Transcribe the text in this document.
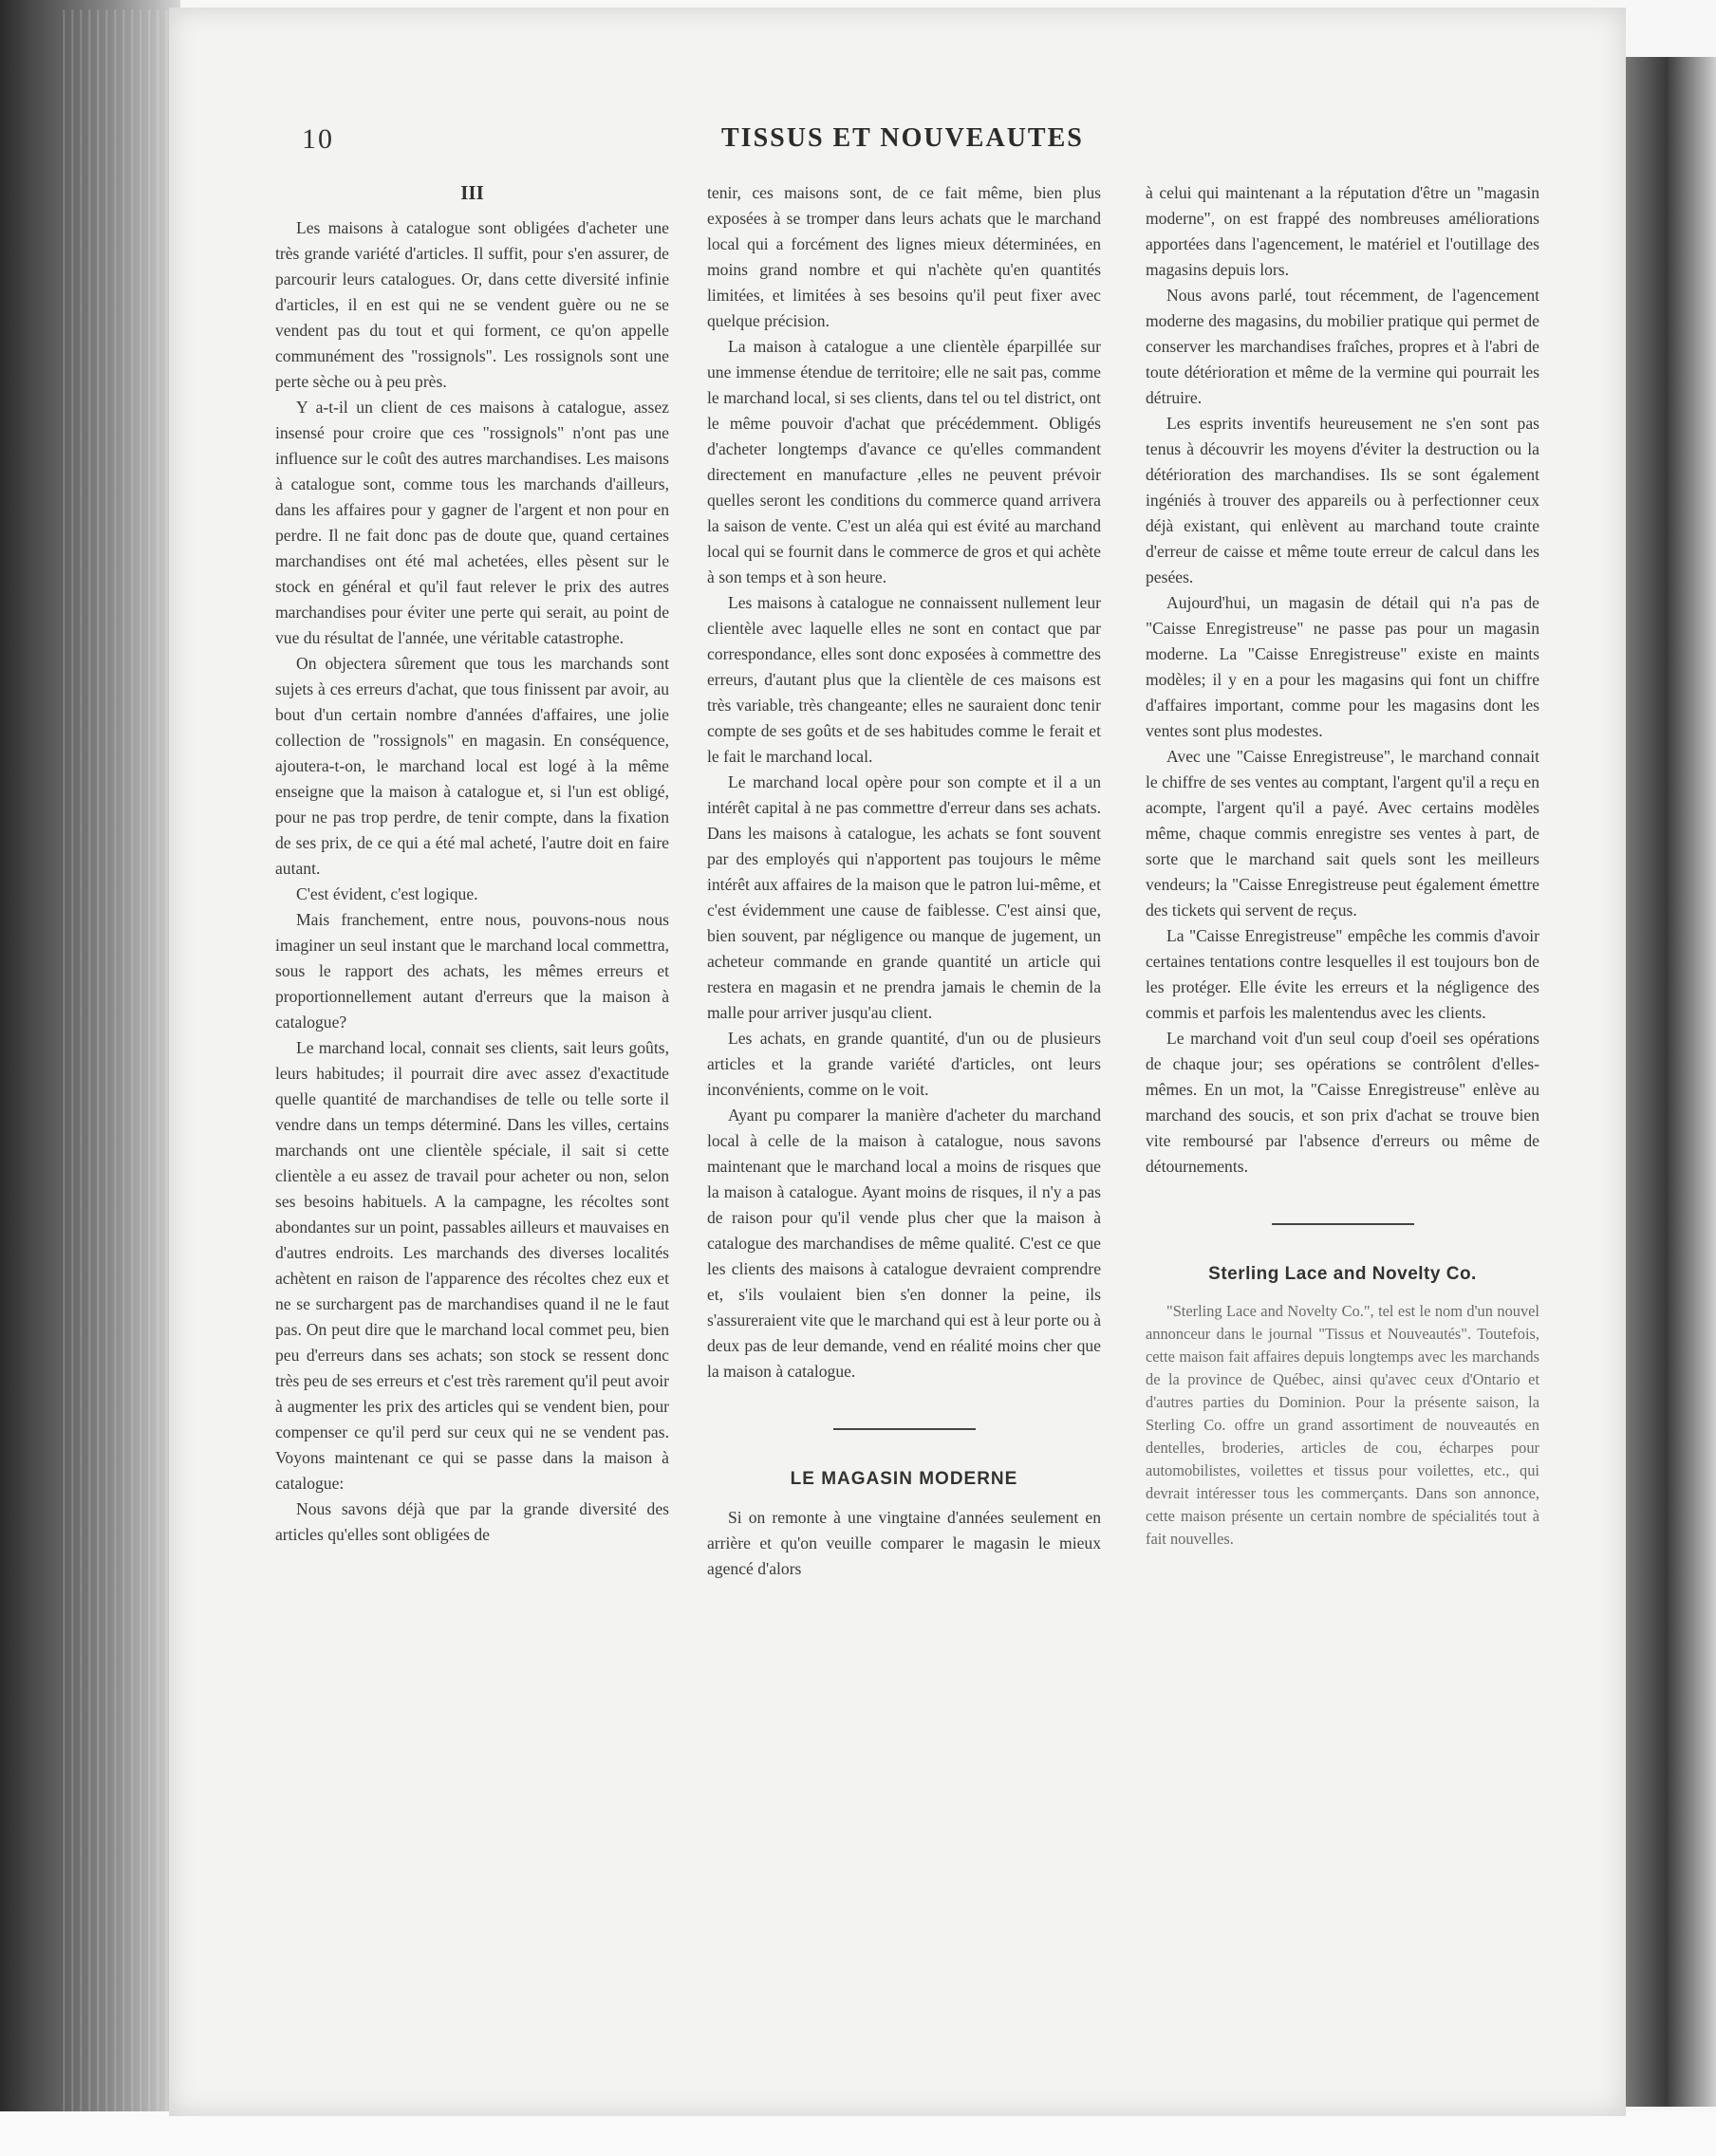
10	TISSUS ET NOUVEAUTES
III

Les maisons à catalogue sont obligées d'acheter une très grande variété d'articles. Il suffit, pour s'en assurer, de parcourir leurs catalogues. Or, dans cette diversité infinie d'articles, il en est qui ne se vendent guère ou ne se vendent pas du tout et qui forment, ce qu'on appelle communément des "rossignols". Les rossignols sont une perte sèche ou à peu près.

Y a-t-il un client de ces maisons à catalogue, assez insensé pour croire que ces "rossignols" n'ont pas une influence sur le coût des autres marchandises. Les maisons à catalogue sont, comme tous les marchands d'ailleurs, dans les affaires pour y gagner de l'argent et non pour en perdre. Il ne fait donc pas de doute que, quand certaines marchandises ont été mal achetées, elles pèsent sur le stock en général et qu'il faut relever le prix des autres marchandises pour éviter une perte qui serait, au point de vue du résultat de l'année, une véritable catastrophe.

On objectera sûrement que tous les marchands sont sujets à ces erreurs d'achat, que tous finissent par avoir, au bout d'un certain nombre d'années d'affaires, une jolie collection de "rossignols" en magasin. En conséquence, ajoutera-t-on, le marchand local est logé à la même enseigne que la maison à catalogue et, si l'un est obligé, pour ne pas trop perdre, de tenir compte, dans la fixation de ses prix, de ce qui a été mal acheté, l'autre doit en faire autant.

C'est évident, c'est logique.

Mais franchement, entre nous, pouvons-nous nous imaginer un seul instant que le marchand local commettra, sous le rapport des achats, les mêmes erreurs et proportionnellement autant d'erreurs que la maison à catalogue?

Le marchand local, connait ses clients, sait leurs goûts, leurs habitudes; il pourrait dire avec assez d'exactitude quelle quantité de marchandises de telle ou telle sorte il vendre dans un temps déterminé. Dans les villes, certains marchands ont une clientèle spéciale, il sait si cette clientèle a eu assez de travail pour acheter ou non, selon ses besoins habituels. A la campagne, les récoltes sont abondantes sur un point, passables ailleurs et mauvaises en d'autres endroits. Les marchands des diverses localités achètent en raison de l'apparence des récoltes chez eux et ne se surchargent pas de marchandises quand il ne le faut pas. On peut dire que le marchand local commet peu, bien peu d'erreurs dans ses achats; son stock se ressent donc très peu de ses erreurs et c'est très rarement qu'il peut avoir à augmenter les prix des articles qui se vendent bien, pour compenser ce qu'il perd sur ceux qui ne se vendent pas. Voyons maintenant ce qui se passe dans la maison à catalogue:

Nous savons déjà que par la grande diversité des articles qu'elles sont obligées de

tenir, ces maisons sont, de ce fait même, bien plus exposées à se tromper dans leurs achats que le marchand local qui a forcément des lignes mieux déterminées, en moins grand nombre et qui n'achète qu'en quantités limitées, et limitées à ses besoins qu'il peut fixer avec quelque précision.

La maison à catalogue a une clientèle éparpillée sur une immense étendue de territoire; elle ne sait pas, comme le marchand local, si ses clients, dans tel ou tel district, ont le même pouvoir d'achat que précédemment. Obligés d'acheter longtemps d'avance ce qu'elles commandent directement en manufacture ,elles ne peuvent prévoir quelles seront les conditions du commerce quand arrivera la saison de vente. C'est un aléa qui est évité au marchand local qui se fournit dans le commerce de gros et qui achète à son temps et à son heure.

Les maisons à catalogue ne connaissent nullement leur clientèle avec laquelle elles ne sont en contact que par correspondance, elles sont donc exposées à commettre des erreurs, d'autant plus que la clientèle de ces maisons est très variable, très changeante; elles ne sauraient donc tenir compte de ses goûts et de ses habitudes comme le ferait et le fait le marchand local.

Le marchand local opère pour son compte et il a un intérêt capital à ne pas commettre d'erreur dans ses achats. Dans les maisons à catalogue, les achats se font souvent par des employés qui n'apportent pas toujours le même intérêt aux affaires de la maison que le patron lui-même, et c'est évidemment une cause de faiblesse. C'est ainsi que, bien souvent, par négligence ou manque de jugement, un acheteur commande en grande quantité un article qui restera en magasin et ne prendra jamais le chemin de la malle pour arriver jusqu'au client.

Les achats, en grande quantité, d'un ou de plusieurs articles et la grande variété d'articles, ont leurs inconvénients, comme on le voit.

Ayant pu comparer la manière d'acheter du marchand local à celle de la maison à catalogue, nous savons maintenant que le marchand local a moins de risques que la maison à catalogue. Ayant moins de risques, il n'y a pas de raison pour qu'il vende plus cher que la maison à catalogue des marchandises de même qualité. C'est ce que les clients des maisons à catalogue devraient comprendre et, s'ils voulaient bien s'en donner la peine, ils s'assureraient vite que le marchand qui est à leur porte ou à deux pas de leur demande, vend en réalité moins cher que la maison à catalogue.

LE MAGASIN MODERNE

Si on remonte à une vingtaine d'années seulement en arrière et qu'on veuille comparer le magasin le mieux agencé d'alors

à celui qui maintenant a la réputation d'être un "magasin moderne", on est frappé des nombreuses améliorations apportées dans l'agencement, le matériel et l'outillage des magasins depuis lors.

Nous avons parlé, tout récemment, de l'agencement moderne des magasins, du mobilier pratique qui permet de conserver les marchandises fraîches, propres et à l'abri de toute détérioration et même de la vermine qui pourrait les détruire.

Les esprits inventifs heureusement ne s'en sont pas tenus à découvrir les moyens d'éviter la destruction ou la détérioration des marchandises. Ils se sont également ingéniés à trouver des appareils ou à perfectionner ceux déjà existant, qui enlèvent au marchand toute crainte d'erreur de caisse et même toute erreur de calcul dans les pesées.

Aujourd'hui, un magasin de détail qui n'a pas de "Caisse Enregistreuse" ne passe pas pour un magasin moderne. La "Caisse Enregistreuse" existe en maints modèles; il y en a pour les magasins qui font un chiffre d'affaires important, comme pour les magasins dont les ventes sont plus modestes.

Avec une "Caisse Enregistreuse", le marchand connait le chiffre de ses ventes au comptant, l'argent qu'il a reçu en acompte, l'argent qu'il a payé. Avec certains modèles même, chaque commis enregistre ses ventes à part, de sorte que le marchand sait quels sont les meilleurs vendeurs; la "Caisse Enregistreuse peut également émettre des tickets qui servent de reçus.

La "Caisse Enregistreuse" empêche les commis d'avoir certaines tentations contre lesquelles il est toujours bon de les protéger. Elle évite les erreurs et la négligence des commis et parfois les malentendus avec les clients.

Le marchand voit d'un seul coup d'oeil ses opérations de chaque jour; ses opérations se contrôlent d'elles-mêmes. En un mot, la "Caisse Enregistreuse" enlève au marchand des soucis, et son prix d'achat se trouve bien vite remboursé par l'absence d'erreurs ou même de détournements.

Sterling Lace and Novelty Co.

"Sterling Lace and Novelty Co.", tel est le nom d'un nouvel annonceur dans le journal "Tissus et Nouveautés". Toutefois, cette maison fait affaires depuis longtemps avec les marchands de la province de Québec, ainsi qu'avec ceux d'Ontario et d'autres parties du Dominion. Pour la présente saison, la Sterling Co. offre un grand assortiment de nouveautés en dentelles, broderies, articles de cou, écharpes pour automobilistes, voilettes et tissus pour voilettes, etc., qui devrait intéresser tous les commerçants. Dans son annonce, cette maison présente un certain nombre de spécialités tout à fait nouvelles.
